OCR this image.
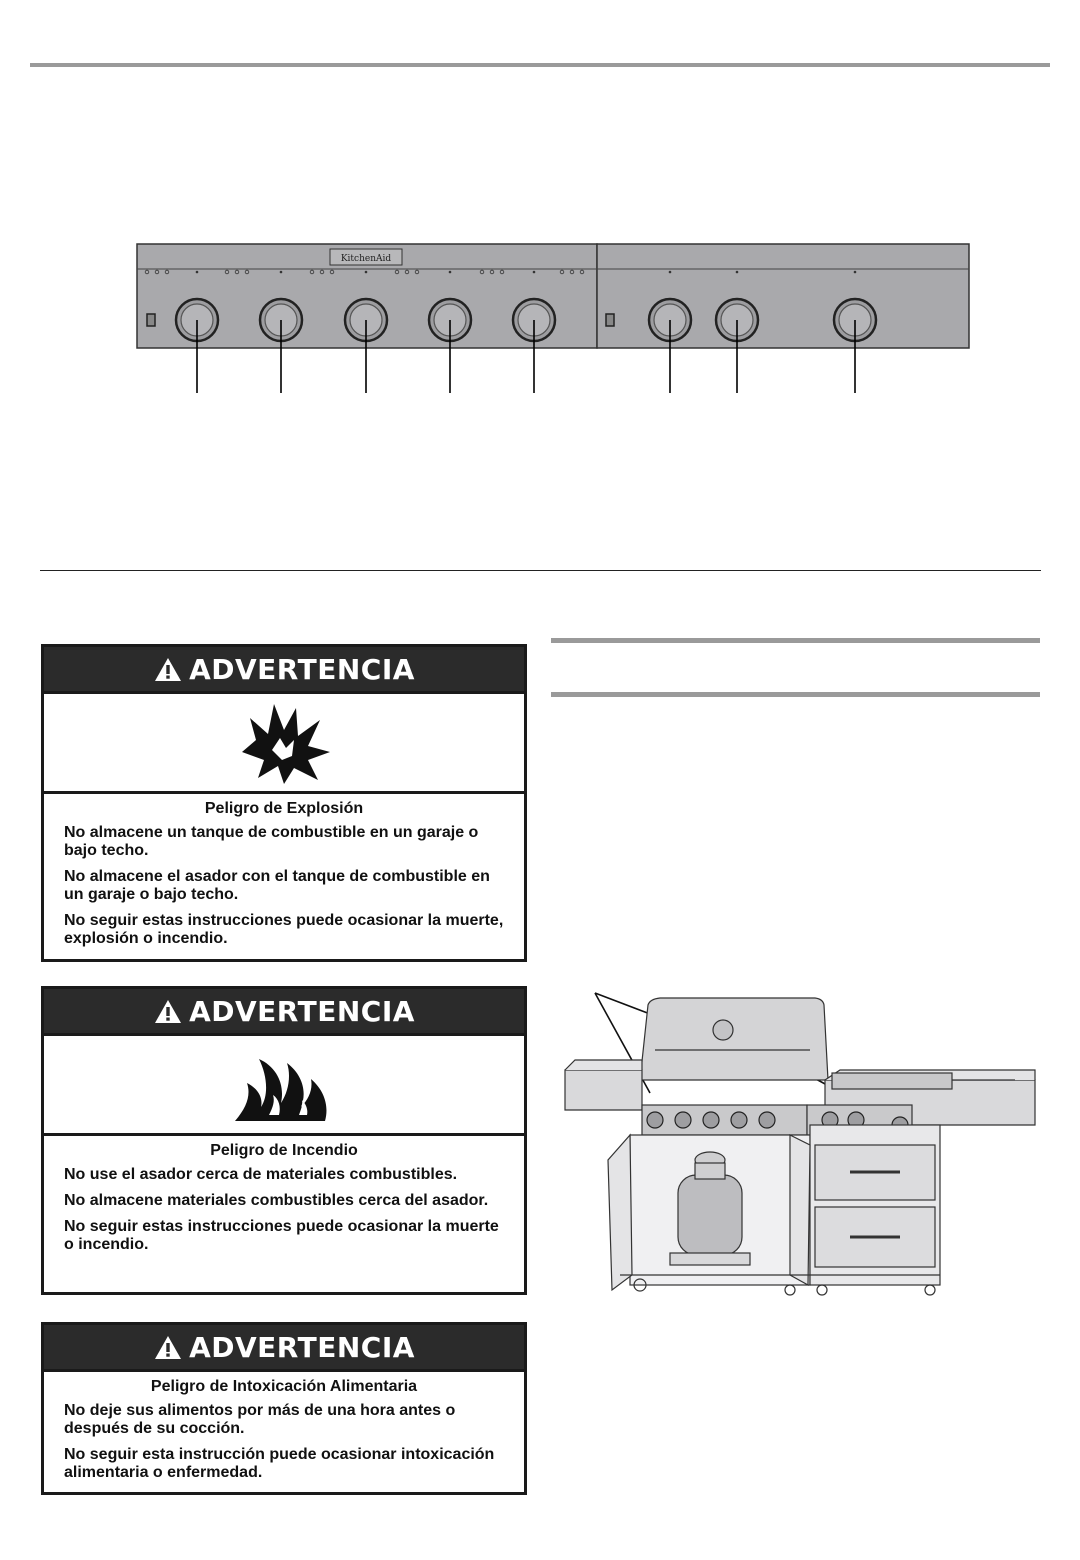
KitchenAid
ADVERTENCIA
Peligro de Explosión

No almacene un tanque de combustible en un garaje o bajo techo.

No almacene el asador con el tanque de combustible en un garaje o bajo techo.

No seguir estas instrucciones puede ocasionar la muerte, explosión o incendio.

ADVERTENCIA
Peligro de Incendio

No use el asador cerca de materiales combustibles.

No almacene materiales combustibles cerca del asador.

No seguir estas instrucciones puede ocasionar la muerte o incendio.

ADVERTENCIA
Peligro de Intoxicación Alimentaria

No deje sus alimentos por más de una hora antes o después de su cocción.

No seguir esta instrucción puede ocasionar intoxicación alimentaria o enfermedad.
